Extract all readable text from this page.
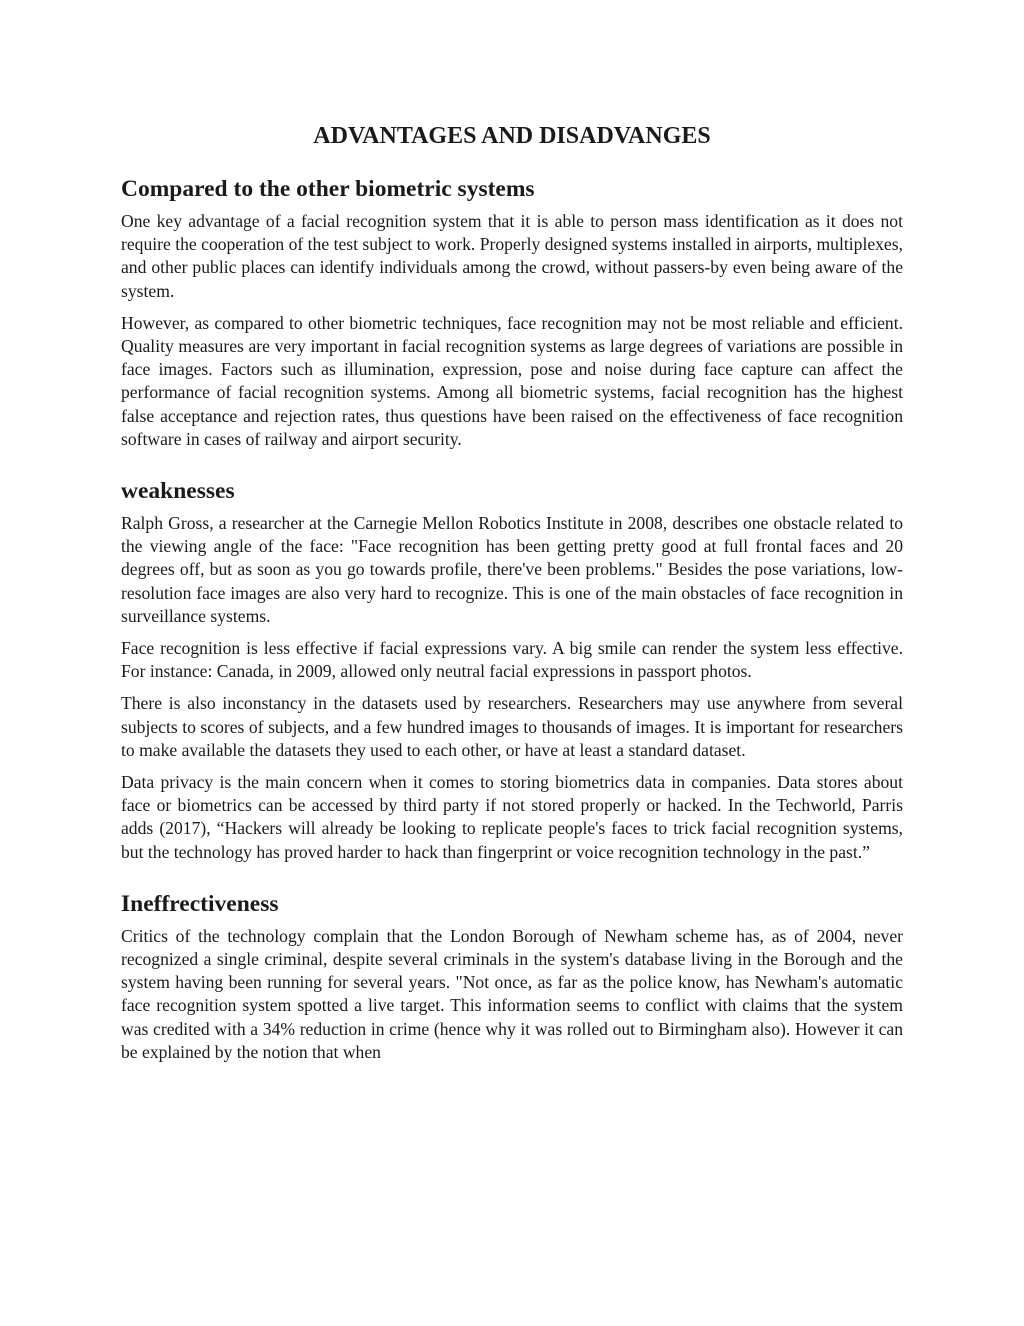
ADVANTAGES AND DISADVANGES
Compared to the other biometric systems

One key advantage of a facial recognition system that it is able to person mass identification as it does not require the cooperation of the test subject to work. Properly designed systems installed in airports, multiplexes, and other public places can identify individuals among the crowd, without passers-by even being aware of the system.

However, as compared to other biometric techniques, face recognition may not be most reliable and efficient. Quality measures are very important in facial recognition systems as large degrees of variations are possible in face images. Factors such as illumination, expression, pose and noise during face capture can affect the performance of facial recognition systems. Among all biometric systems, facial recognition has the highest false acceptance and rejection rates, thus questions have been raised on the effectiveness of face recognition software in cases of railway and airport security.

weaknesses

Ralph Gross, a researcher at the Carnegie Mellon Robotics Institute in 2008, describes one obstacle related to the viewing angle of the face: "Face recognition has been getting pretty good at full frontal faces and 20 degrees off, but as soon as you go towards profile, there've been problems." Besides the pose variations, low-resolution face images are also very hard to recognize. This is one of the main obstacles of face recognition in surveillance systems.

Face recognition is less effective if facial expressions vary. A big smile can render the system less effective. For instance: Canada, in 2009, allowed only neutral facial expressions in passport photos.

There is also inconstancy in the datasets used by researchers. Researchers may use anywhere from several subjects to scores of subjects, and a few hundred images to thousands of images. It is important for researchers to make available the datasets they used to each other, or have at least a standard dataset.

Data privacy is the main concern when it comes to storing biometrics data in companies. Data stores about face or biometrics can be accessed by third party if not stored properly or hacked. In the Techworld, Parris adds (2017), “Hackers will already be looking to replicate people's faces to trick facial recognition systems, but the technology has proved harder to hack than fingerprint or voice recognition technology in the past.”

Ineffrectiveness

Critics of the technology complain that the London Borough of Newham scheme has, as of 2004, never recognized a single criminal, despite several criminals in the system's database living in the Borough and the system having been running for several years. "Not once, as far as the police know, has Newham's automatic face recognition system spotted a live target. This information seems to conflict with claims that the system was credited with a 34% reduction in crime (hence why it was rolled out to Birmingham also). However it can be explained by the notion that when
